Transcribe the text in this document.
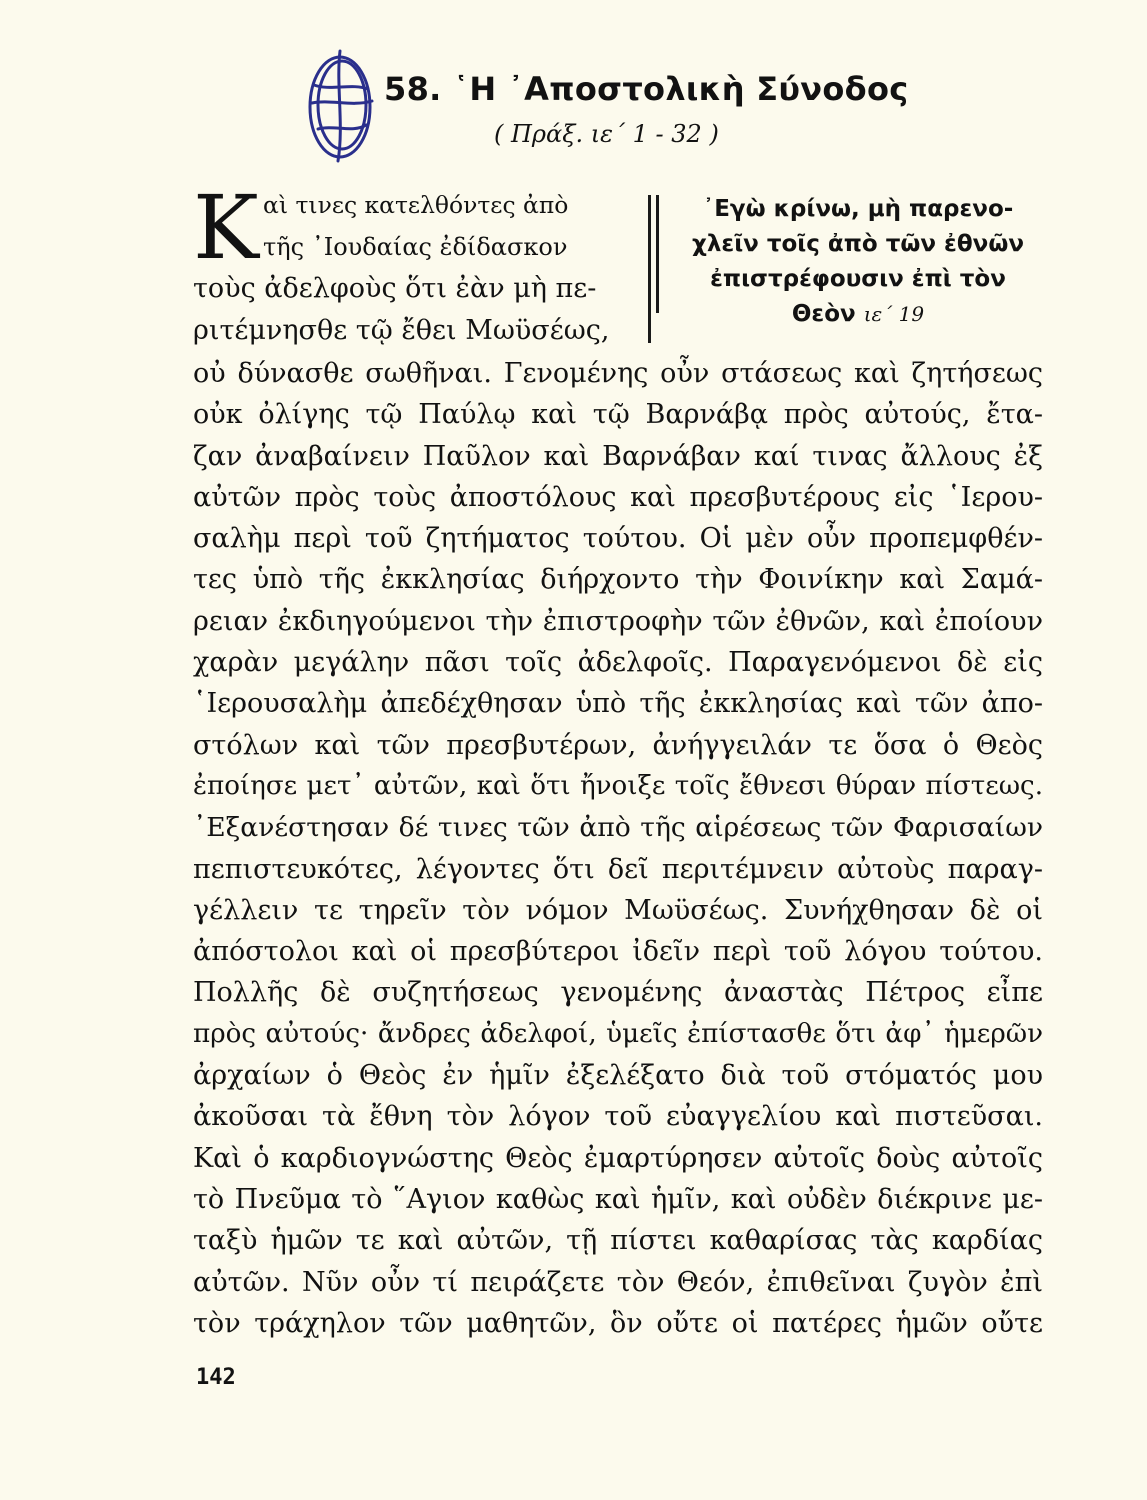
58. ῾Η ᾿Αποστολικὴ Σύνοδος
( Πράξ. ιε΄ 1 - 32 )
Κ αὶ τινες κατελθόντες ἀπὸ
τῆς ᾿Ιουδαίας ἐδίδασκον
τοὺς ἀδελφοὺς ὅτι ἐὰν μὴ πε-
ριτέμνησθε τῷ ἔθει Μωϋσέως,
᾿Εγὼ κρίνω, μὴ παρενο-
χλεῖν τοῖς ἀπὸ τῶν ἐθνῶν
ἐπιστρέφουσιν ἐπὶ τὸν
Θεὸν ιε΄ 19
οὐ δύνασθε σωθῆναι. Γενομένης οὖν στάσεως καὶ ζητήσεως
οὐκ ὀλίγης τῷ Παύλῳ καὶ τῷ Βαρνάβᾳ πρὸς αὐτούς, ἔτα-
ζαν ἀναβαίνειν Παῦλον καὶ Βαρνάβαν καί τινας ἄλλους ἐξ
αὐτῶν πρὸς τοὺς ἀποστόλους καὶ πρεσβυτέρους εἰς ῾Ιερου-
σαλὴμ περὶ τοῦ ζητήματος τούτου. Οἱ μὲν οὖν προπεμφθέν-
τες ὑπὸ τῆς ἐκκλησίας διήρχοντο τὴν Φοινίκην καὶ Σαμά-
ρειαν ἐκδιηγούμενοι τὴν ἐπιστροφὴν τῶν ἐθνῶν, καὶ ἐποίουν
χαρὰν μεγάλην πᾶσι τοῖς ἀδελφοῖς. Παραγενόμενοι δὲ εἰς
῾Ιερουσαλὴμ ἀπεδέχθησαν ὑπὸ τῆς ἐκκλησίας καὶ τῶν ἀπο-
στόλων καὶ τῶν πρεσβυτέρων, ἀνήγγειλάν τε ὅσα ὁ Θεὸς
ἐποίησε μετ᾿ αὐτῶν, καὶ ὅτι ἤνοιξε τοῖς ἔθνεσι θύραν πίστεως.
᾿Εξανέστησαν δέ τινες τῶν ἀπὸ τῆς αἱρέσεως τῶν Φαρισαίων
πεπιστευκότες, λέγοντες ὅτι δεῖ περιτέμνειν αὐτοὺς παραγ-
γέλλειν τε τηρεῖν τὸν νόμον Μωϋσέως. Συνήχθησαν δὲ οἱ
ἀπόστολοι καὶ οἱ πρεσβύτεροι ἰδεῖν περὶ τοῦ λόγου τούτου.
Πολλῆς δὲ συζητήσεως γενομένης ἀναστὰς Πέτρος εἶπε
πρὸς αὐτούς· ἄνδρες ἀδελφοί, ὑμεῖς ἐπίστασθε ὅτι ἀφ᾿ ἡμερῶν
ἀρχαίων ὁ Θεὸς ἐν ἡμῖν ἐξελέξατο διὰ τοῦ στόματός μου
ἀκοῦσαι τὰ ἔθνη τὸν λόγον τοῦ εὐαγγελίου καὶ πιστεῦσαι.
Καὶ ὁ καρδιογνώστης Θεὸς ἐμαρτύρησεν αὐτοῖς δοὺς αὐτοῖς
τὸ Πνεῦμα τὸ ῞Αγιον καθὼς καὶ ἡμῖν, καὶ οὐδὲν διέκρινε με-
ταξὺ ἡμῶν τε καὶ αὐτῶν, τῇ πίστει καθαρίσας τὰς καρδίας
αὐτῶν. Νῦν οὖν τί πειράζετε τὸν Θεόν, ἐπιθεῖναι ζυγὸν ἐπὶ
τὸν τράχηλον τῶν μαθητῶν, ὃν οὔτε οἱ πατέρες ἡμῶν οὔτε
142
